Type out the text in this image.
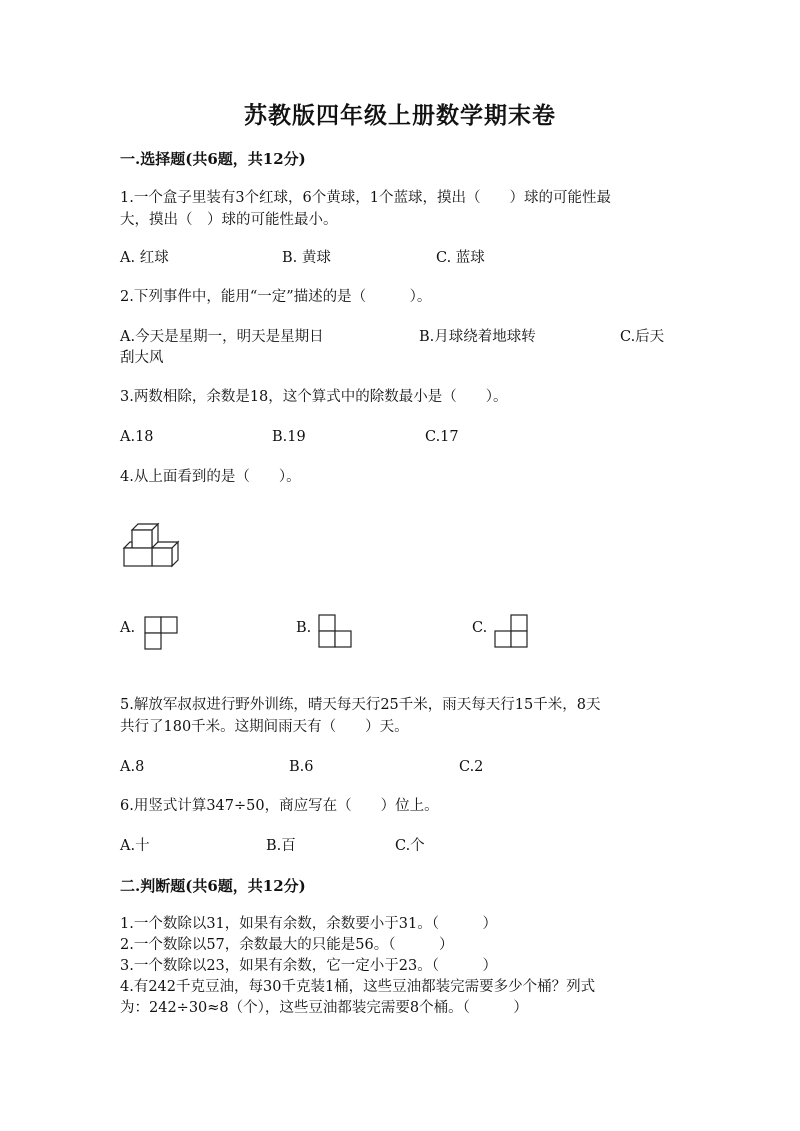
苏教版四年级上册数学期末卷
一.选择题(共6题，共12分)
1.一个盒子里装有3个红球，6个黄球，1个蓝球，摸出（　　）球的可能性最
大，摸出（　）球的可能性最小。
A. 红球	B. 黄球	C. 蓝球
2.下列事件中，能用“一定”描述的是（　　　）。
A.今天是星期一，明天是星期日	B.月球绕着地球转	C.后天
刮大风
3.两数相除，余数是18，这个算式中的除数最小是（　　）。
A.18	B.19	C.17
4.从上面看到的是（　　）。
A.	B.	C.
5.解放军叔叔进行野外训练，晴天每天行25千米，雨天每天行15千米，8天
共行了180千米。这期间雨天有（　　）天。
A.8	B.6	C.2
6.用竖式计算347÷50，商应写在（　　）位上。
A.十	B.百	C.个
二.判断题(共6题，共12分)
1.一个数除以31，如果有余数，余数要小于31。（　　　）
2.一个数除以57，余数最大的只能是56。（　　　）
3.一个数除以23，如果有余数，它一定小于23。（　　　）
4.有242千克豆油，每30千克装1桶，这些豆油都装完需要多少个桶？列式
为：242÷30≈8（个），这些豆油都装完需要8个桶。（　　　）
